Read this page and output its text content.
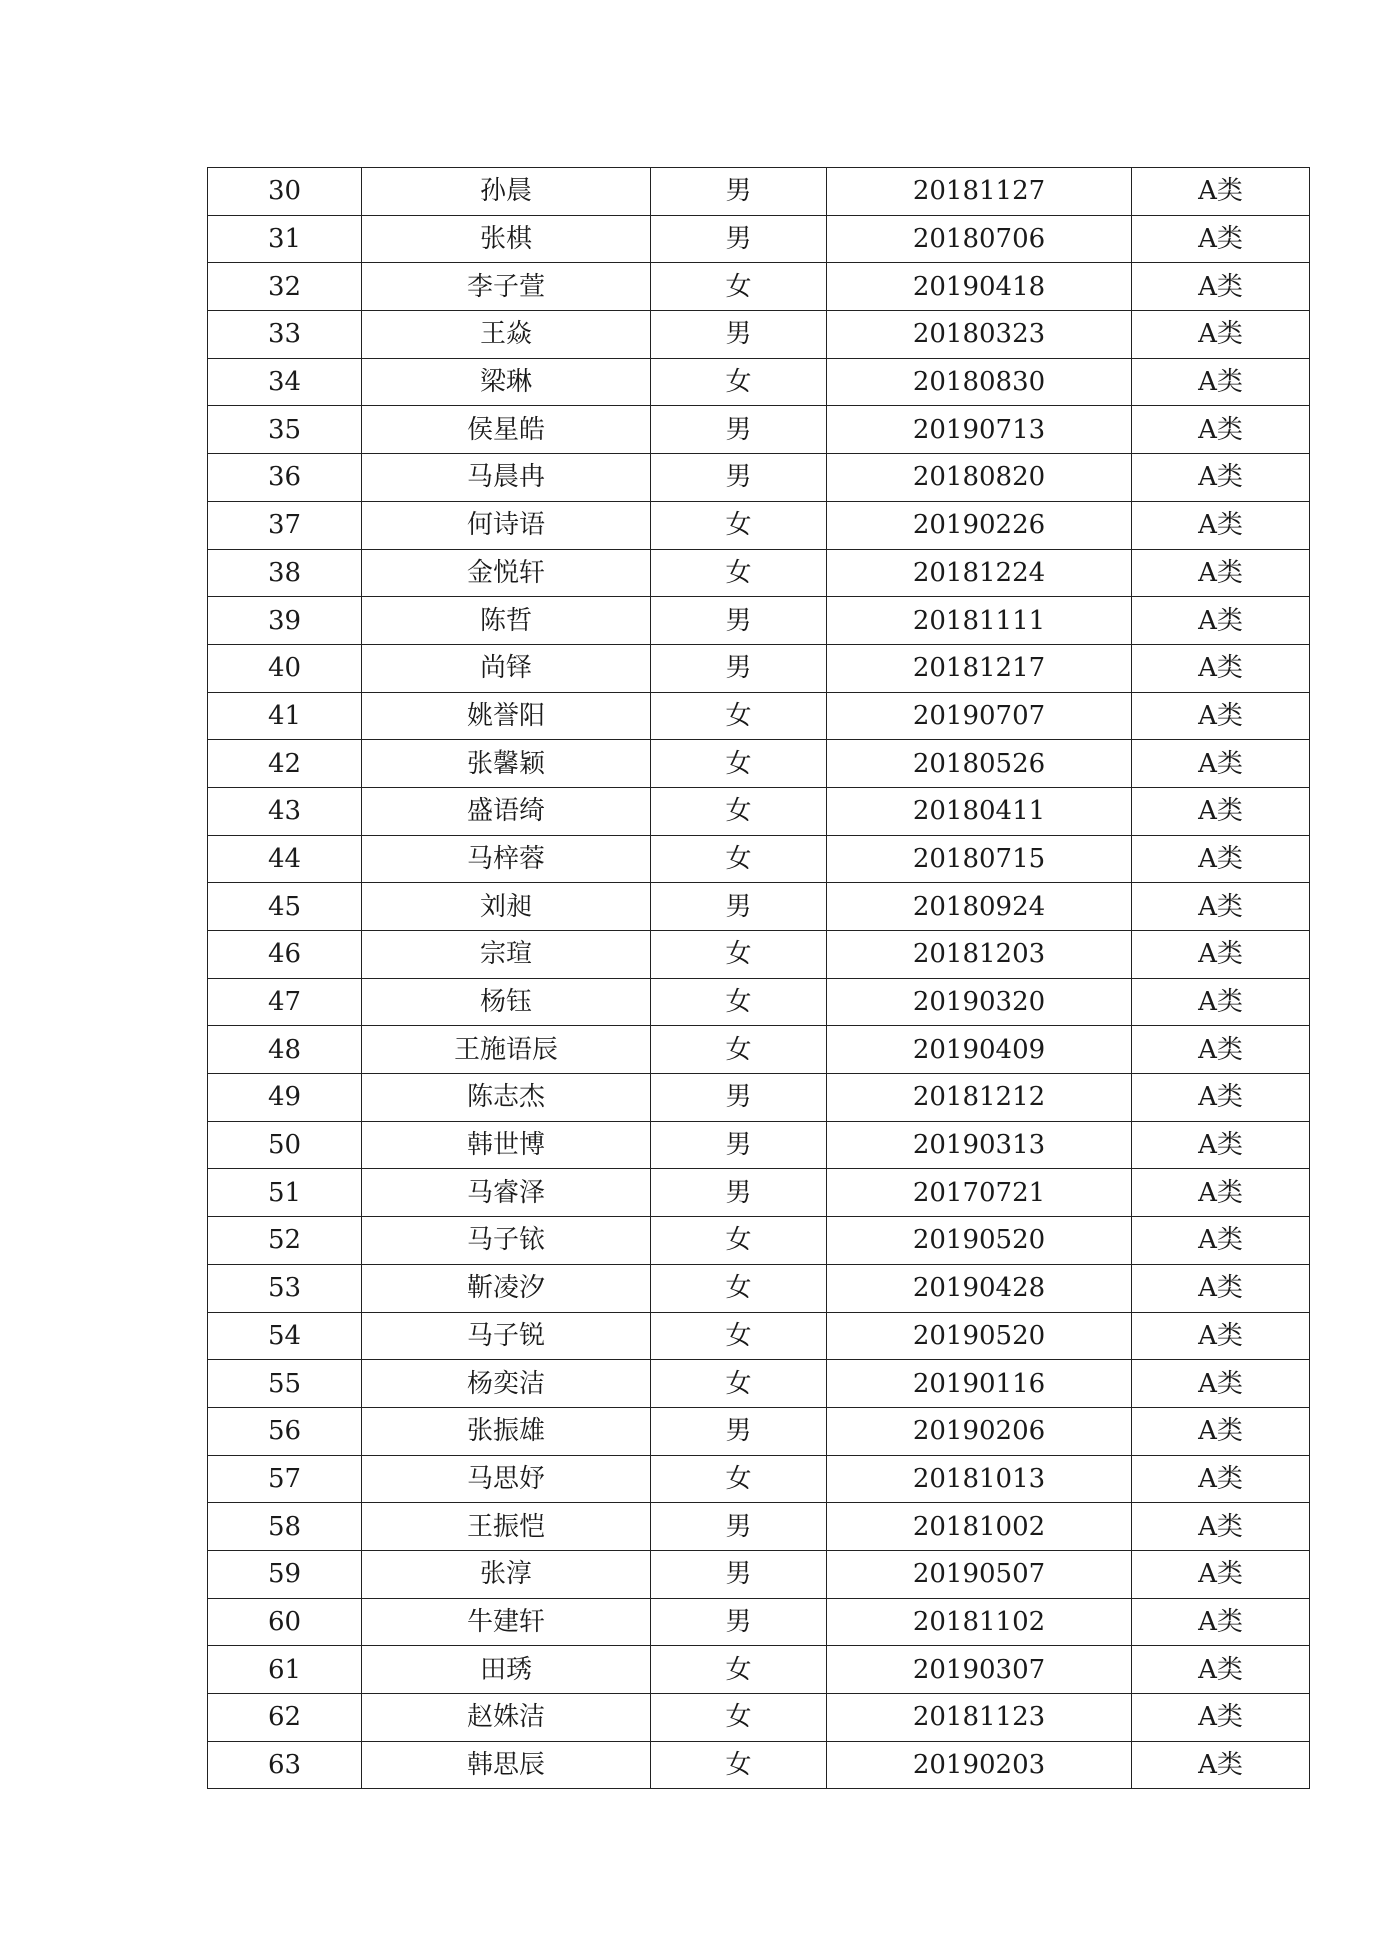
30	孙晨	男	20181127	A类
31	张棋	男	20180706	A类
32	李子萱	女	20190418	A类
33	王焱	男	20180323	A类
34	梁琳	女	20180830	A类
35	侯星皓	男	20190713	A类
36	马晨冉	男	20180820	A类
37	何诗语	女	20190226	A类
38	金悦轩	女	20181224	A类
39	陈哲	男	20181111	A类
40	尚铎	男	20181217	A类
41	姚誉阳	女	20190707	A类
42	张馨颖	女	20180526	A类
43	盛语绮	女	20180411	A类
44	马梓蓉	女	20180715	A类
45	刘昶	男	20180924	A类
46	宗瑄	女	20181203	A类
47	杨钰	女	20190320	A类
48	王施语辰	女	20190409	A类
49	陈志杰	男	20181212	A类
50	韩世博	男	20190313	A类
51	马睿泽	男	20170721	A类
52	马子铱	女	20190520	A类
53	靳凌汐	女	20190428	A类
54	马子锐	女	20190520	A类
55	杨奕洁	女	20190116	A类
56	张振雄	男	20190206	A类
57	马思妤	女	20181013	A类
58	王振恺	男	20181002	A类
59	张淳	男	20190507	A类
60	牛建轩	男	20181102	A类
61	田琇	女	20190307	A类
62	赵姝洁	女	20181123	A类
63	韩思辰	女	20190203	A类
